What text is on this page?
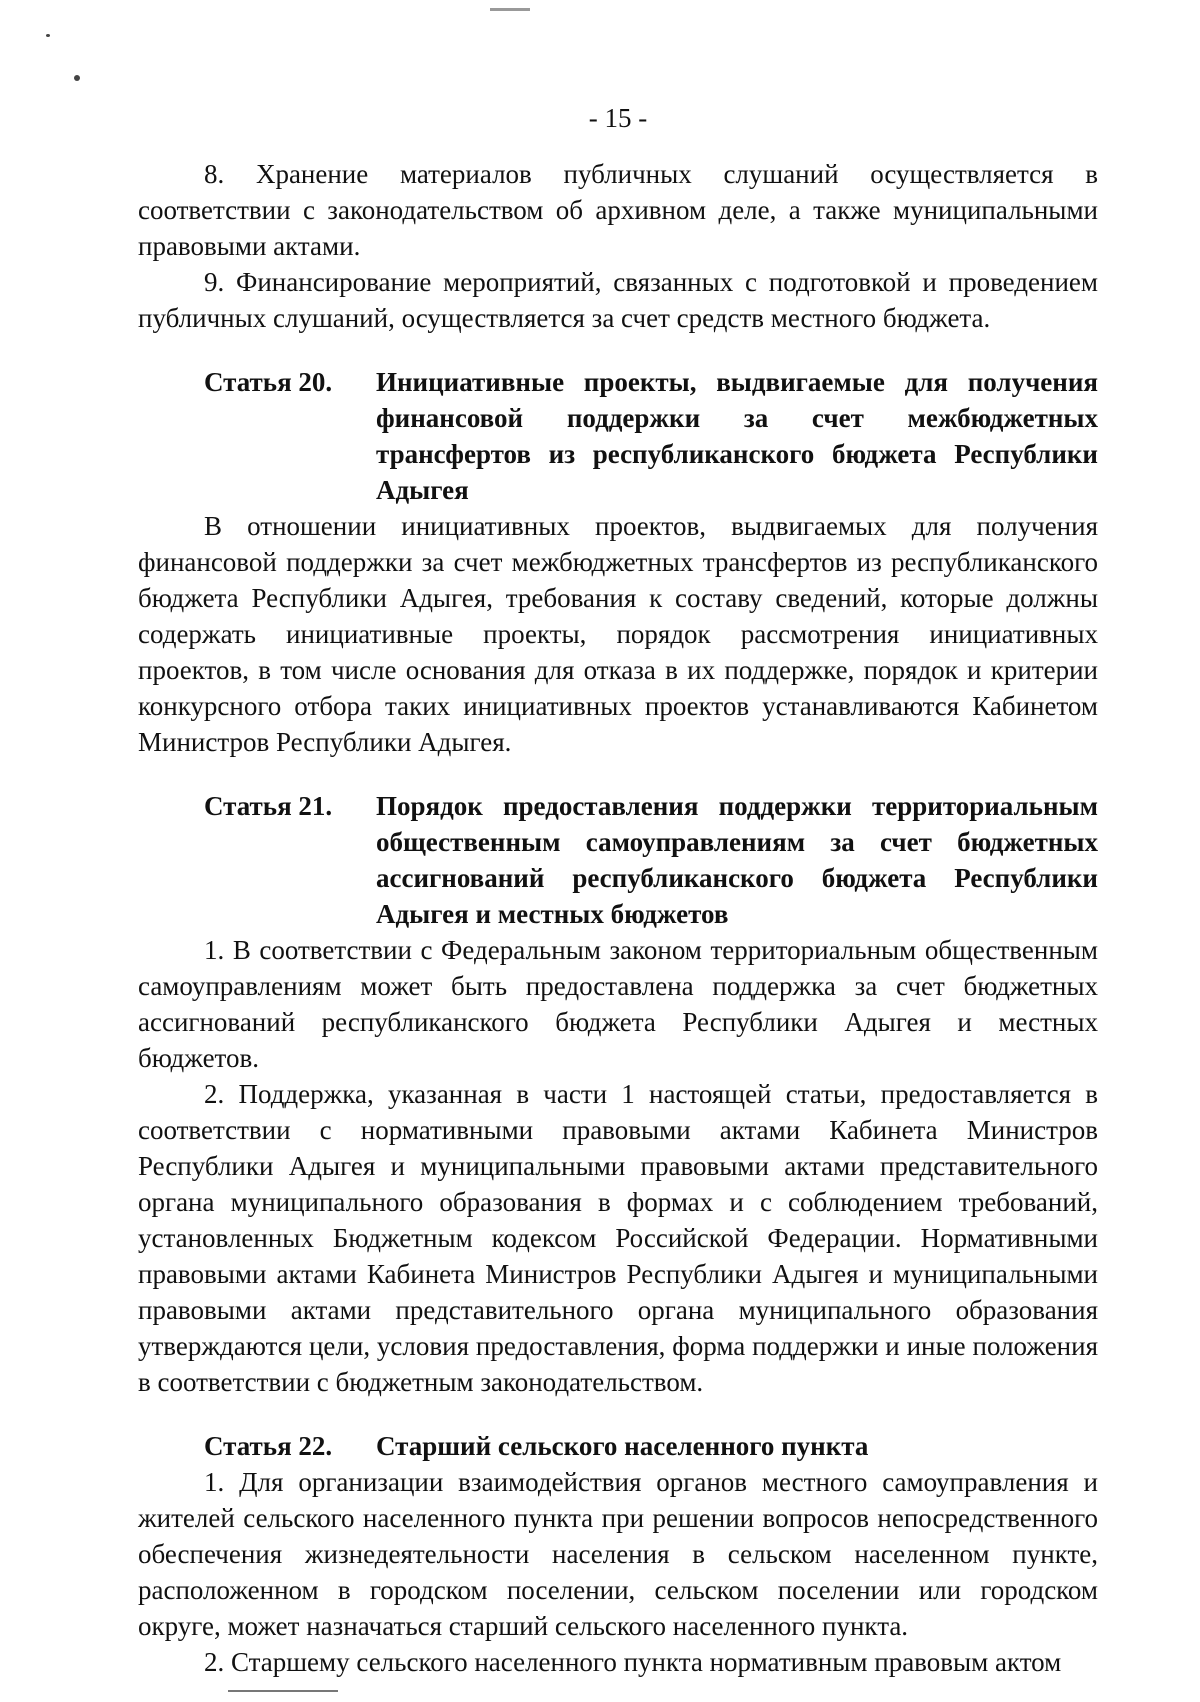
- 15 -

8. Хранение материалов публичных слушаний осуществляется в соответствии с законодательством об архивном деле, а также муниципальными правовыми актами.

9. Финансирование мероприятий, связанных с подготовкой и проведением публичных слушаний, осуществляется за счет средств местного бюджета.

Статья 20.	Инициативные проекты, выдвигаемые для получения финансовой поддержки за счет межбюджетных трансфертов из республиканского бюджета Республики Адыгея

В отношении инициативных проектов, выдвигаемых для получения финансовой поддержки за счет межбюджетных трансфертов из республиканского бюджета Республики Адыгея, требования к составу сведений, которые должны содержать инициативные проекты, порядок рассмотрения инициативных проектов, в том числе основания для отказа в их поддержке, порядок и критерии конкурсного отбора таких инициативных проектов устанавливаются Кабинетом Министров Республики Адыгея.

Статья 21.	Порядок предоставления поддержки территориальным общественным самоуправлениям за счет бюджетных ассигнований республиканского бюджета Республики Адыгея и местных бюджетов

1. В соответствии с Федеральным законом территориальным общественным самоуправлениям может быть предоставлена поддержка за счет бюджетных ассигнований республиканского бюджета Республики Адыгея и местных бюджетов.

2. Поддержка, указанная в части 1 настоящей статьи, предоставляется в соответствии с нормативными правовыми актами Кабинета Министров Республики Адыгея и муниципальными правовыми актами представительного органа муниципального образования в формах и с соблюдением требований, установленных Бюджетным кодексом Российской Федерации. Нормативными правовыми актами Кабинета Министров Республики Адыгея и муниципальными правовыми актами представительного органа муниципального образования утверждаются цели, условия предоставления, форма поддержки и иные положения в соответствии с бюджетным законодательством.

Статья 22.	Старший сельского населенного пункта

1. Для организации взаимодействия органов местного самоуправления и жителей сельского населенного пункта при решении вопросов непосредственного обеспечения жизнедеятельности населения в сельском населенном пункте, расположенном в городском поселении, сельском поселении или городском округе, может назначаться старший сельского населенного пункта.

2. Старшему сельского населенного пункта нормативным правовым актом
